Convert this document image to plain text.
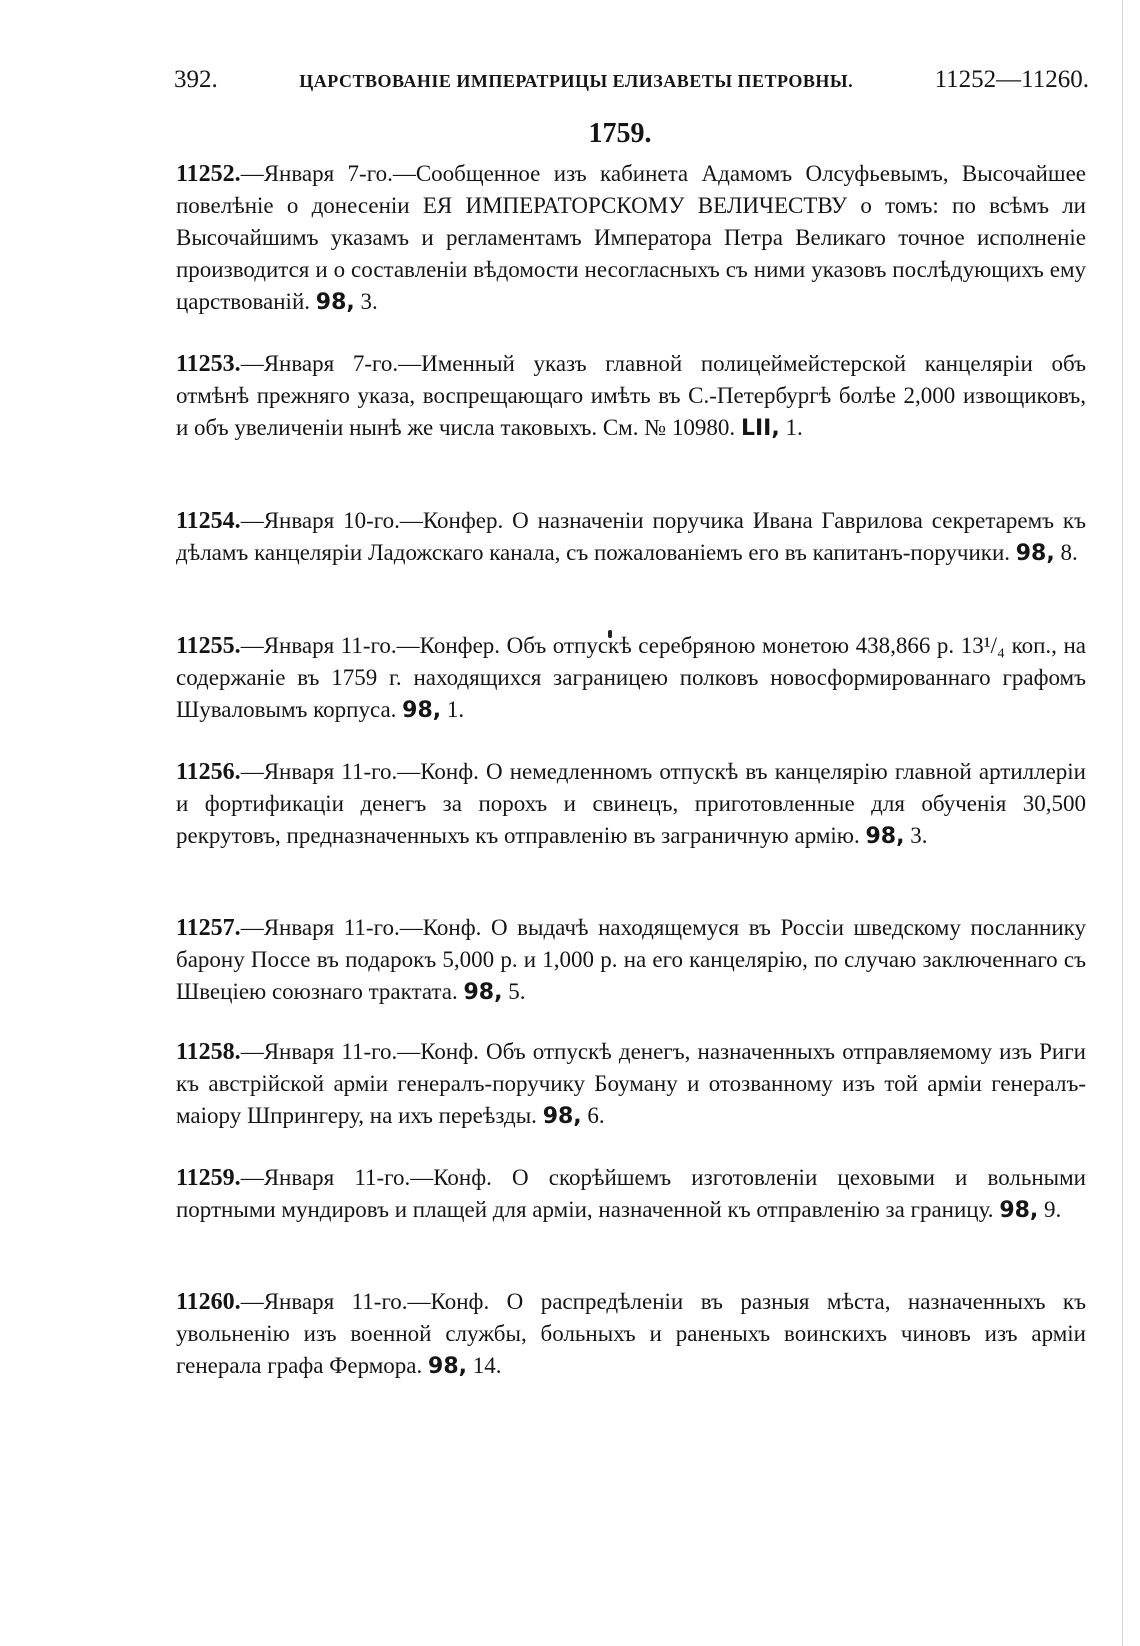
392.	ЦАРСТВОВАНІЕ ИМПЕРАТРИЦЫ ЕЛИЗАВЕТЫ ПЕТРОВНЫ.	11252—11260.
1759.

11252.—Января 7-го.—Сообщенное изъ кабинета Адамомъ Олсуфьевымъ, Высочайшее повелѣніе о донесеніи ЕЯ ИМПЕРАТОРСКОМУ ВЕЛИЧЕСТВУ о томъ: по всѣмъ ли Высочайшимъ указамъ и регламентамъ Императора Петра Великаго точное исполненіе производится и о составленіи вѣдомости несогласныхъ съ ними указовъ послѣдующихъ ему царствованій. 98, 3.

11253.—Января 7-го.—Именный указъ главной полицеймейстерской канцеляріи объ отмѣнѣ прежняго указа, воспрещающаго имѣть въ С.-Петербургѣ болѣе 2,000 извощиковъ, и объ увеличеніи нынѣ же числа таковыхъ. См. № 10980. LII, 1.

11254.—Января 10-го.—Конфер. О назначеніи поручика Ивана Гаврилова секретаремъ къ дѣламъ канцеляріи Ладожскаго канала, съ пожалованіемъ его въ капитанъ-поручики. 98, 8.

11255.—Января 11-го.—Конфер. Объ отпускѣ серебряною монетою 438,866 р. 13¹/₄ коп., на содержаніе въ 1759 г. находящихся заграницею полковъ новосформированнаго графомъ Шуваловымъ корпуса. 98, 1.

11256.—Января 11-го.—Конф. О немедленномъ отпускѣ въ канцелярію главной артиллеріи и фортификаціи денегъ за порохъ и свинецъ, приготовленные для обученія 30,500 рекрутовъ, предназначенныхъ къ отправленію въ заграничную армію. 98, 3.

11257.—Января 11-го.—Конф. О выдачѣ находящемуся въ Россіи шведскому посланнику барону Поссе въ подарокъ 5,000 р. и 1,000 р. на его канцелярію, по случаю заключеннаго съ Швеціею союзнаго трактата. 98, 5.

11258.—Января 11-го.—Конф. Объ отпускѣ денегъ, назначенныхъ отправляемому изъ Риги къ австрійской арміи генералъ-поручику Боуману и отозванному изъ той арміи генералъ-маіору Шпрингеру, на ихъ переѣзды. 98, 6.

11259.—Января 11-го.—Конф. О скорѣйшемъ изготовленіи цеховыми и вольными портными мундировъ и плащей для арміи, назначенной къ отправленію за границу. 98, 9.

11260.—Января 11-го.—Конф. О распредѣленіи въ разныя мѣста, назначенныхъ къ увольненію изъ военной службы, больныхъ и раненыхъ воинскихъ чиновъ изъ арміи генерала графа Фермора. 98, 14.
